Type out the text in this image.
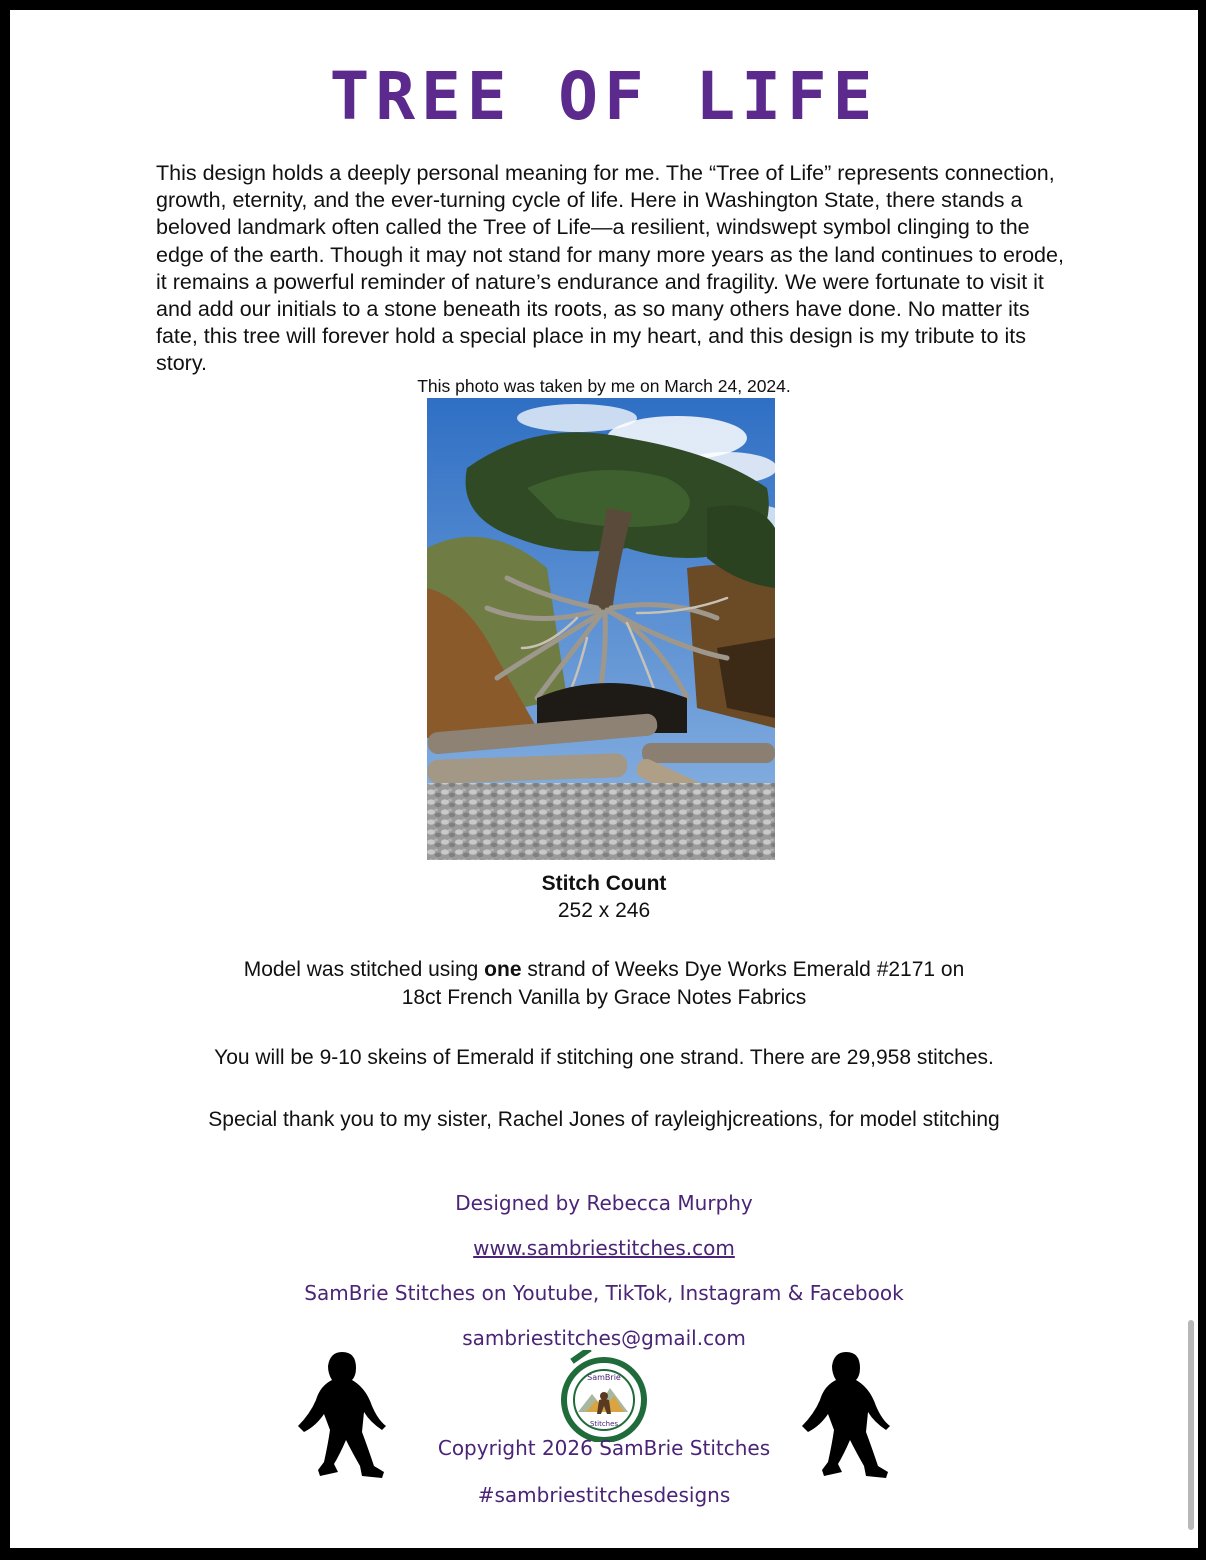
TREE OF LIFE

This design holds a deeply personal meaning for me. The “Tree of Life” represents connection, growth, eternity, and the ever-turning cycle of life. Here in Washington State, there stands a beloved landmark often called the Tree of Life—a resilient, windswept symbol clinging to the edge of the earth. Though it may not stand for many more years as the land continues to erode, it remains a powerful reminder of nature’s endurance and fragility. We were fortunate to visit it and add our initials to a stone beneath its roots, as so many others have done. No matter its fate, this tree will forever hold a special place in my heart, and this design is my tribute to its story.

This photo was taken by me on March 24, 2024.
Stitch Count
252 x 246

Model was stitched using one strand of Weeks Dye Works Emerald #2171 on
18ct French Vanilla by Grace Notes Fabrics

You will be 9-10 skeins of Emerald if stitching one strand. There are 29,958 stitches.
Special thank you to my sister, Rachel Jones of rayleighjcreations, for model stitching
Designed by Rebecca Murphy
www.sambriestitches.com
SamBrie Stitches on Youtube, TikTok, Instagram & Facebook
sambriestitches@gmail.com
SamBrie
Stitches
Copyright 2026 SamBrie Stitches
#sambriestitchesdesigns
